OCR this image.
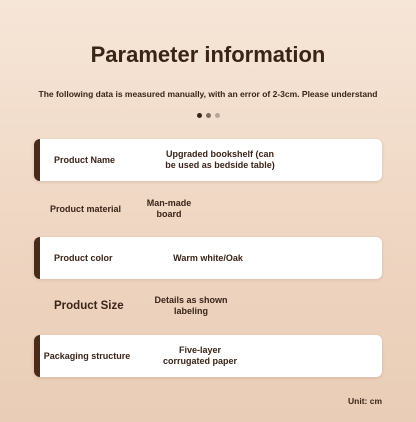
Parameter information
The following data is measured manually, with an error of 2-3cm. Please understand

Product Name
Upgraded bookshelf (can be used as bedside table)
Product material
Man-made board
Product color	Warm white/Oak
Product Size	Details as shown labeling
Packaging structure
Five-layer corrugated paper
Unit: cm
